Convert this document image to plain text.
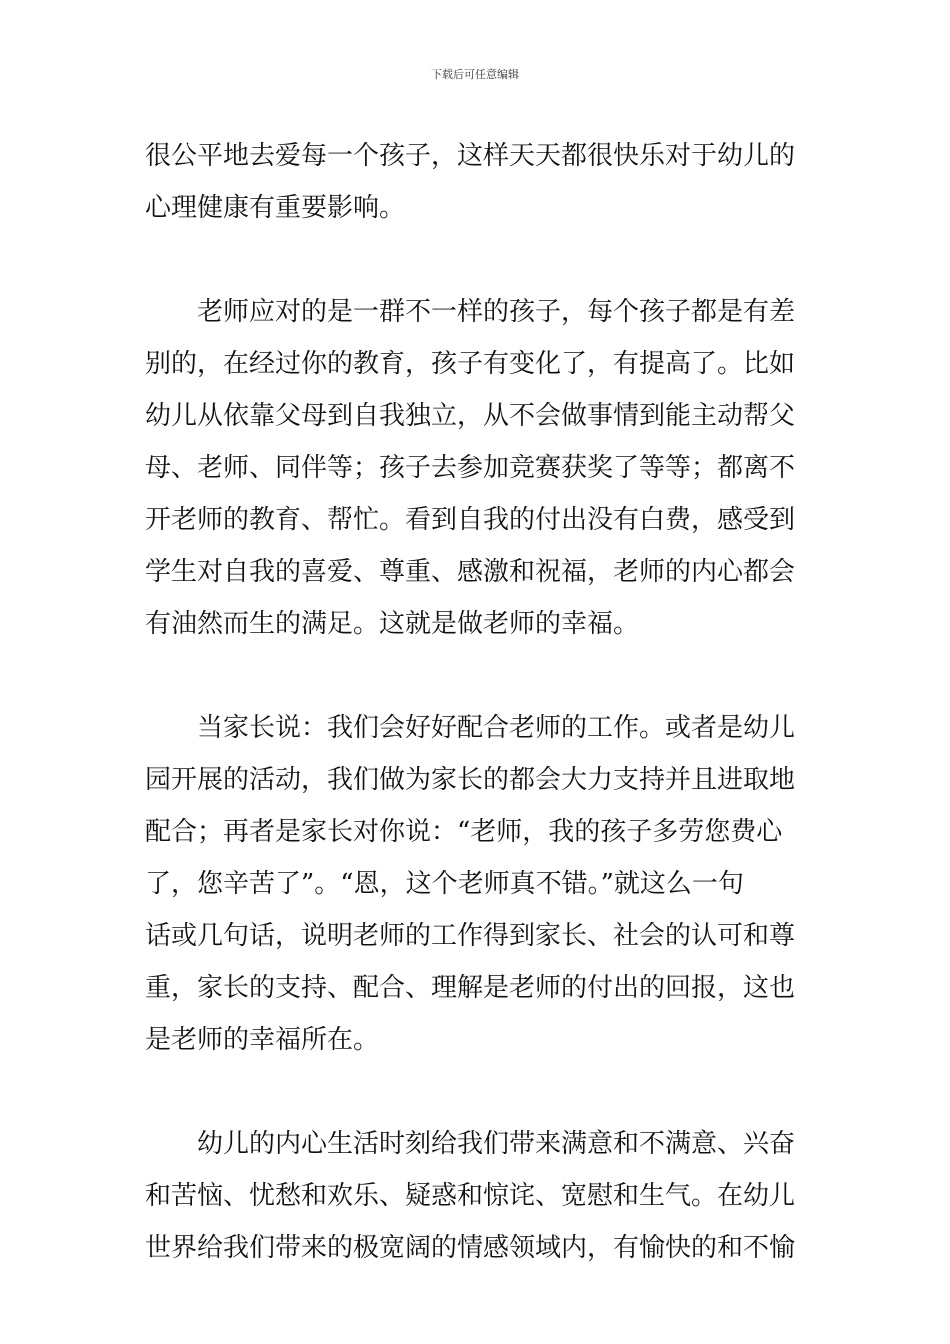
下载后可任意编辑
很公平地去爱每一个孩子，这样天天都很快乐对于幼儿的
心理健康有重要影响。
　　老师应对的是一群不一样的孩子，每个孩子都是有差
别的，在经过你的教育，孩子有变化了，有提高了。比如
幼儿从依靠父母到自我独立，从不会做事情到能主动帮父
母、老师、同伴等；孩子去参加竞赛获奖了等等；都离不
开老师的教育、帮忙。看到自我的付出没有白费，感受到
学生对自我的喜爱、尊重、感激和祝福，老师的内心都会
有油然而生的满足。这就是做老师的幸福。
　　当家长说：我们会好好配合老师的工作。或者是幼儿
园开展的活动，我们做为家长的都会大力支持并且进取地
配合；再者是家长对你说：“老师，我的孩子多劳您费心
了，您辛苦了”。“恩，这个老师真不错。”就这么一句
话或几句话，说明老师的工作得到家长、社会的认可和尊
重，家长的支持、配合、理解是老师的付出的回报，这也
是老师的幸福所在。
　　幼儿的内心生活时刻给我们带来满意和不满意、兴奋
和苦恼、忧愁和欢乐、疑惑和惊诧、宽慰和生气。在幼儿
世界给我们带来的极宽阔的情感领域内，有愉快的和不愉
